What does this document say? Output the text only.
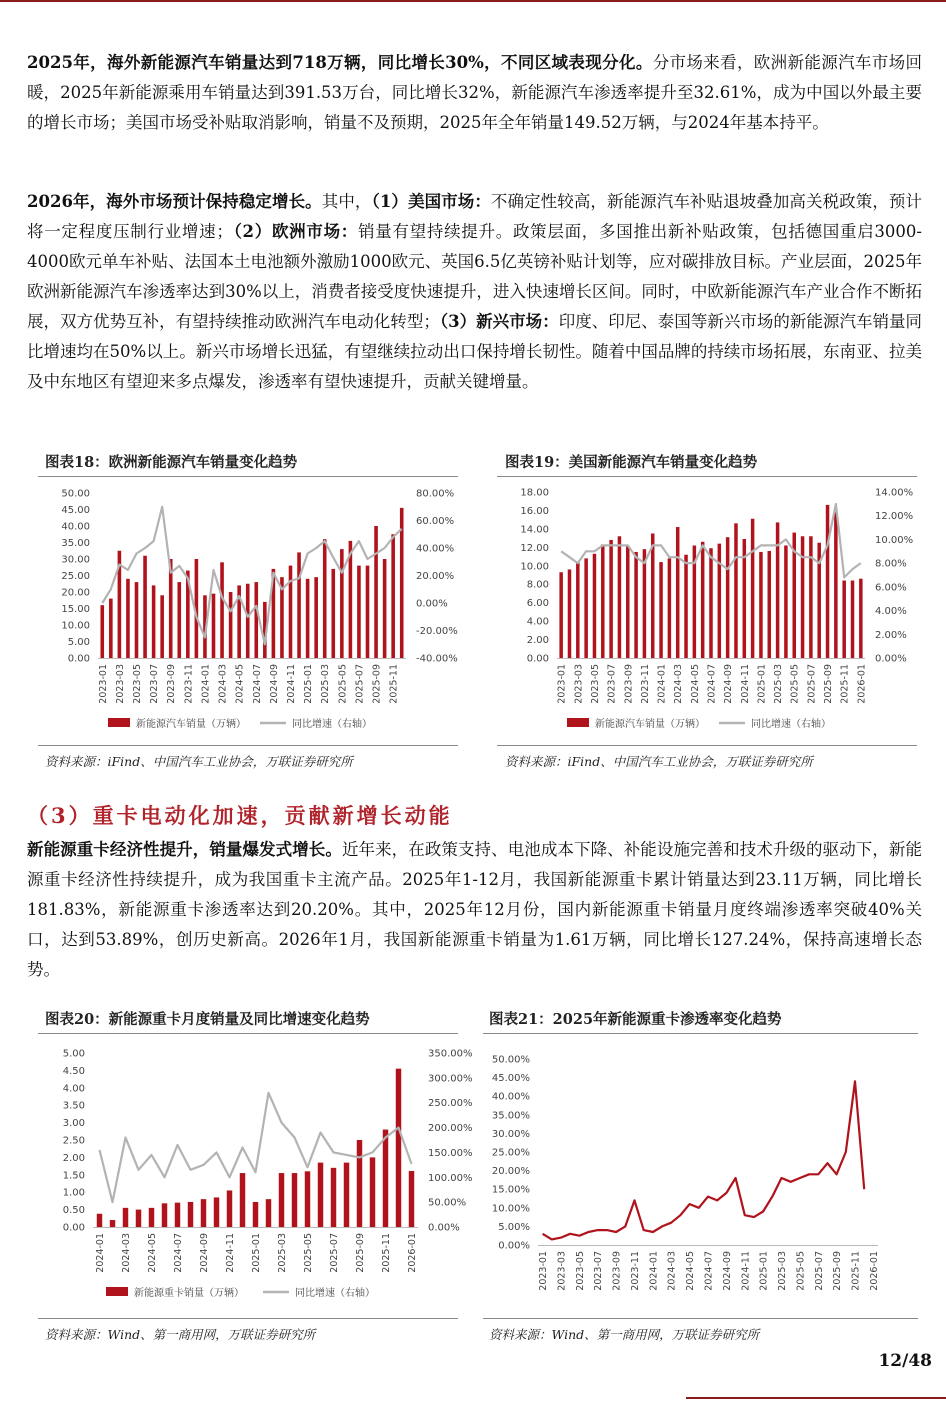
2025年，海外新能源汽车销量达到718万辆，同比增长30%，不同区域表现分化。分市场来看，欧洲新能源汽车市场回暖，2025年新能源乘用车销量达到391.53万台，同比增长32%，新能源汽车渗透率提升至32.61%，成为中国以外最主要的增长市场；美国市场受补贴取消影响，销量不及预期，2025年全年销量149.52万辆，与2024年基本持平。

2026年，海外市场预计保持稳定增长。其中，（1）美国市场：不确定性较高，新能源汽车补贴退坡叠加高关税政策，预计将一定程度压制行业增速；（2）欧洲市场：销量有望持续提升。政策层面，多国推出新补贴政策，包括德国重启3000-4000欧元单车补贴、法国本土电池额外激励1000欧元、英国6.5亿英镑补贴计划等，应对碳排放目标。产业层面，2025年欧洲新能源汽车渗透率达到30%以上，消费者接受度快速提升，进入快速增长区间。同时，中欧新能源汽车产业合作不断拓展，双方优势互补，有望持续推动欧洲汽车电动化转型；（3）新兴市场：印度、印尼、泰国等新兴市场的新能源汽车销量同比增速均在50%以上。新兴市场增长迅猛，有望继续拉动出口保持增长韧性。随着中国品牌的持续市场拓展，东南亚、拉美及中东地区有望迎来多点爆发，渗透率有望快速提升，贡献关键增量。

图表18：欧洲新能源汽车销量变化趋势
0.00
5.00
10.00
15.00
20.00
25.00
30.00
35.00
40.00
45.00
50.00
-40.00%
-20.00%
0.00%
20.00%
40.00%
60.00%
80.00%
2023-01 2023-03 2023-05 2023-07 2023-09 2023-11 2024-01 2024-03 2024-05 2024-07 2024-09 2024-11 2025-01 2025-03 2025-05 2025-07 2025-09 2025-11
新能源汽车销量（万辆）	同比增速（右轴）
资料来源：iFind、中国汽车工业协会，万联证券研究所
图表19：美国新能源汽车销量变化趋势
0.00
2.00
4.00
6.00
8.00
10.00
12.00
14.00
16.00
18.00
0.00%
2.00%
4.00%
6.00%
8.00%
10.00%
12.00%
14.00%
2023-01 2023-03 2023-05 2023-07 2023-09 2023-11 2024-01 2024-03 2024-05 2024-07 2024-09 2024-11 2025-01 2025-03 2025-05 2025-07 2025-09 2025-11 2026-01
新能源汽车销量（万辆）	同比增速（右轴）
资料来源：iFind、中国汽车工业协会，万联证券研究所
（3）重卡电动化加速，贡献新增长动能

新能源重卡经济性提升，销量爆发式增长。近年来，在政策支持、电池成本下降、补能设施完善和技术升级的驱动下，新能源重卡经济性持续提升，成为我国重卡主流产品。2025年1-12月，我国新能源重卡累计销量达到23.11万辆，同比增长181.83%，新能源重卡渗透率达到20.20%。其中，2025年12月份，国内新能源重卡销量月度终端渗透率突破40%关口，达到53.89%，创历史新高。2026年1月，我国新能源重卡销量为1.61万辆，同比增长127.24%，保持高速增长态势。

图表20：新能源重卡月度销量及同比增速变化趋势
0.00
0.50
1.00
1.50
2.00
2.50
3.00
3.50
4.00
4.50
5.00
0.00%
50.00%
100.00%
150.00%
200.00%
250.00%
300.00%
350.00%
2024-01 2024-03 2024-05 2024-07 2024-09 2024-11 2025-01 2025-03 2025-05 2025-07 2025-09 2025-11 2026-01
新能源重卡销量（万辆）	同比增速（右轴）
资料来源：Wind、第一商用网，万联证券研究所
图表21：2025年新能源重卡渗透率变化趋势
0.00%
5.00%
10.00%
15.00%
20.00%
25.00%
30.00%
35.00%
40.00%
45.00%
50.00%
2023-01 2023-03 2023-05 2023-07 2023-09 2023-11 2024-01 2024-03 2024-05 2024-07 2024-09 2024-11 2025-01 2025-03 2025-05 2025-07 2025-09 2025-11 2026-01
资料来源：Wind、第一商用网，万联证券研究所
12/48
